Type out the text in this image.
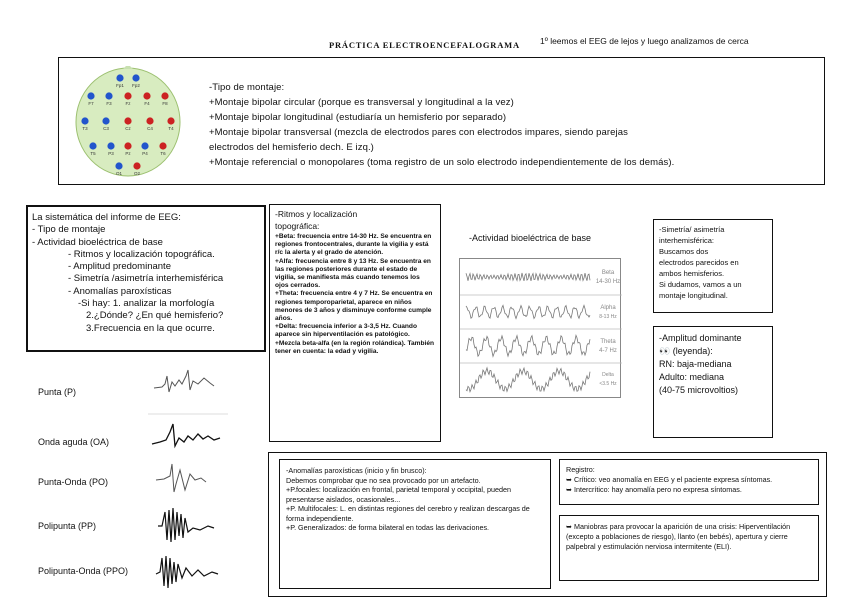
PRÁCTICA ELECTROENCEFALOGRAMA 1º leemos el EEG de lejos y luego analizamos de cerca
Fp1 Fp2
F7	F3	Fz	F4	F8
T3	C3	Cz	C4	T4
T5	P3	Pz	P4	T6
O1	O2
-Tipo de montaje:
+Montaje bipolar circular (porque es transversal y longitudinal a la vez)
+Montaje bipolar longitudinal (estudiaría un hemisferio por separado)
+Montaje bipolar transversal (mezcla de electrodos pares con electrodos impares, siendo parejas
electrodos del hemisferio dech. E izq.)
+Montaje referencial o monopolares (toma registro de un solo electrodo independientemente de los demás).
La sistemática del informe de EEG:
- Tipo de montaje
- Actividad bioeléctrica de base
- Ritmos y localización topográfica.
- Amplitud predominante
- Simetría /asimetría interhemisférica
- Anomalías paroxísticas
-Si hay: 1. analizar la morfología
2.¿Dónde? ¿En qué hemisferio?
3.Frecuencia en la que ocurre.
-Ritmos y localización
topográfica:
+Beta: frecuencia entre 14-30 Hz. Se encuentra en regiones frontocentrales, durante la vigilia y está r/c la alerta y el grado de atención.
+Alfa: frecuencia entre 8 y 13 Hz. Se encuentra en las regiones posteriores durante el estado de vigilia, se manifiesta más cuando tenemos los ojos cerrados.
+Theta: frecuencia entre 4 y 7 Hz. Se encuentra en regiones temporoparietal, aparece en niños menores de 3 años y disminuye conforme cumple años.
+Delta: frecuencia inferior a 3-3,5 Hz. Cuando aparece sin hiperventilación es patológico.
+Mezcla beta-alfa (en la región rolándica). También tener en cuenta: la edad y vigilia.
-Actividad bioeléctrica de base
Beta
14-30 Hz
Alpha
8-13 Hz
Theta
4-7 Hz
Delta
<3.5 Hz
-Simetría/ asimetría
interhemisférica:
Buscamos dos
electrodos parecidos en
ambos hemisferios.
Si dudamos, vamos a un
montaje longitudinal.
-Amplitud dominante
👀 (leyenda):
RN: baja-mediana
Adulto: mediana
(40-75 microvoltios)
Punta (P)
Onda aguda (OA)
Punta-Onda (PO)
Polipunta (PP)
Polipunta-Onda (PPO)
-Anomalías paroxísticas (inicio y fin brusco):
Debemos comprobar que no sea provocado por un artefacto.
+P.focales: localización en frontal, parietal temporal y occipital, pueden presentarse aislados, ocasionales...
+P. Multifocales: L. en distintas regiones del cerebro y realizan descargas de forma independiente.
+P. Generalizados: de forma bilateral en todas las derivaciones.
Registro:
➥ Crítico: veo anomalía en EEG y el paciente expresa síntomas.
➥ Intercrítico: hay anomalía pero no expresa síntomas.
➥ Maniobras para provocar la aparición de una crisis: Hiperventilación (excepto a poblaciones de riesgo), llanto (en bebés), apertura y cierre palpebral y estimulación nerviosa intermitente (ELI).
